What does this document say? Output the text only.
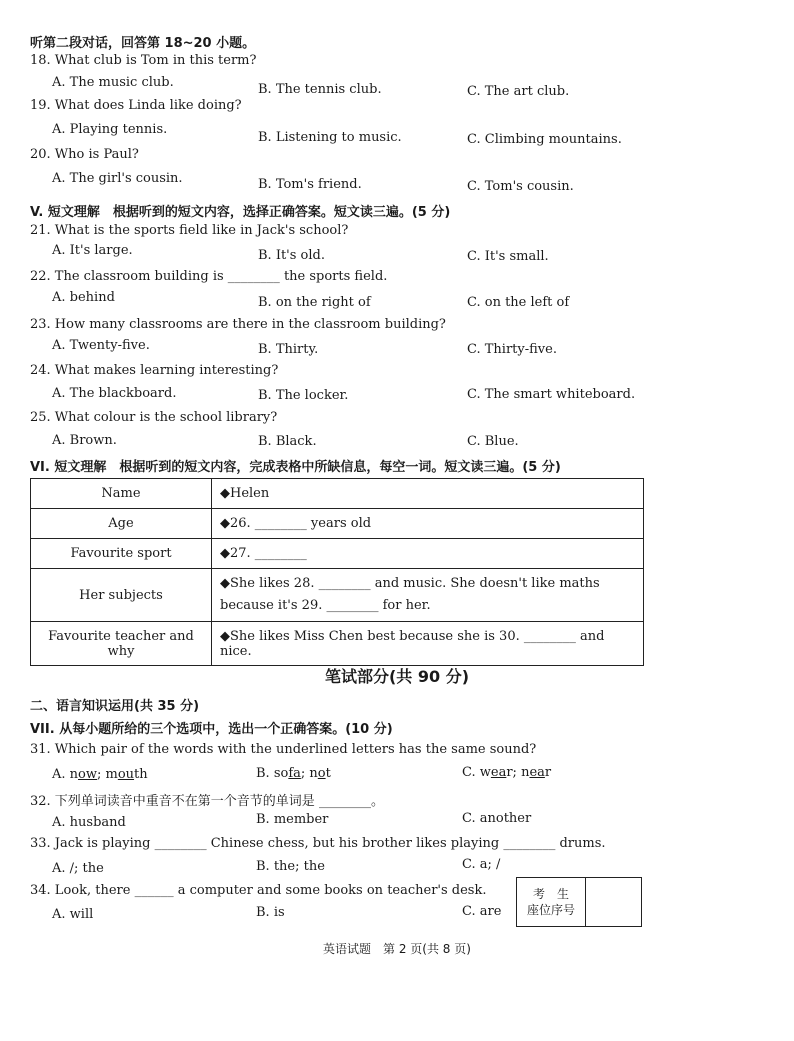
听第二段对话，回答第 18~20 小题。
18. What club is Tom in this term?
A. The music club.	B. The tennis club.	C. The art club.
19. What does Linda like doing?
A. Playing tennis.
B. Listening to music.	C. Climbing mountains.
20. Who is Paul?
A. The girl's cousin.	B. Tom's friend.	C. Tom's cousin.
V. 短文理解　根据听到的短文内容，选择正确答案。短文读三遍。(5 分)
21. What is the sports field like in Jack's school?
A. It's large.	B. It's old.	C. It's small.
22. The classroom building is ________ the sports field.
A. behind	B. on the right of	C. on the left of
23. How many classrooms are there in the classroom building?
A. Twenty-five.	B. Thirty.	C. Thirty-five.
24. What makes learning interesting?
A. The blackboard.	B. The locker.	C. The smart whiteboard.
25. What colour is the school library?
A. Brown.	B. Black.	C. Blue.
VI. 短文理解　根据听到的短文内容，完成表格中所缺信息，每空一词。短文读三遍。(5 分)
Name	◆Helen
Age	◆26. ________ years old
Favourite sport	◆27. ________
Her subjects	◆She likes 28. ________ and music. She doesn't like maths because it's 29. ________ for her.
Favourite teacher and why	◆She likes Miss Chen best because she is 30. ________ and nice.
笔试部分(共 90 分)
二、语言知识运用(共 35 分)
VII. 从每小题所给的三个选项中，选出一个正确答案。(10 分)
31. Which pair of the words with the underlined letters has the same sound?
A. now; mouth	B. sofa; not	C. wear; near
32. 下列单词读音中重音不在第一个音节的单词是 ________。
A. husband	B. member	C. another
33. Jack is playing ________ Chinese chess, but his brother likes playing ________ drums.
A. /; the	B. the; the	C. a; /
34. Look, there ______ a computer and some books on teacher's desk.
A. will	B. is	C. are
考　生
座位序号
英语试题　第 2 页(共 8 页)
